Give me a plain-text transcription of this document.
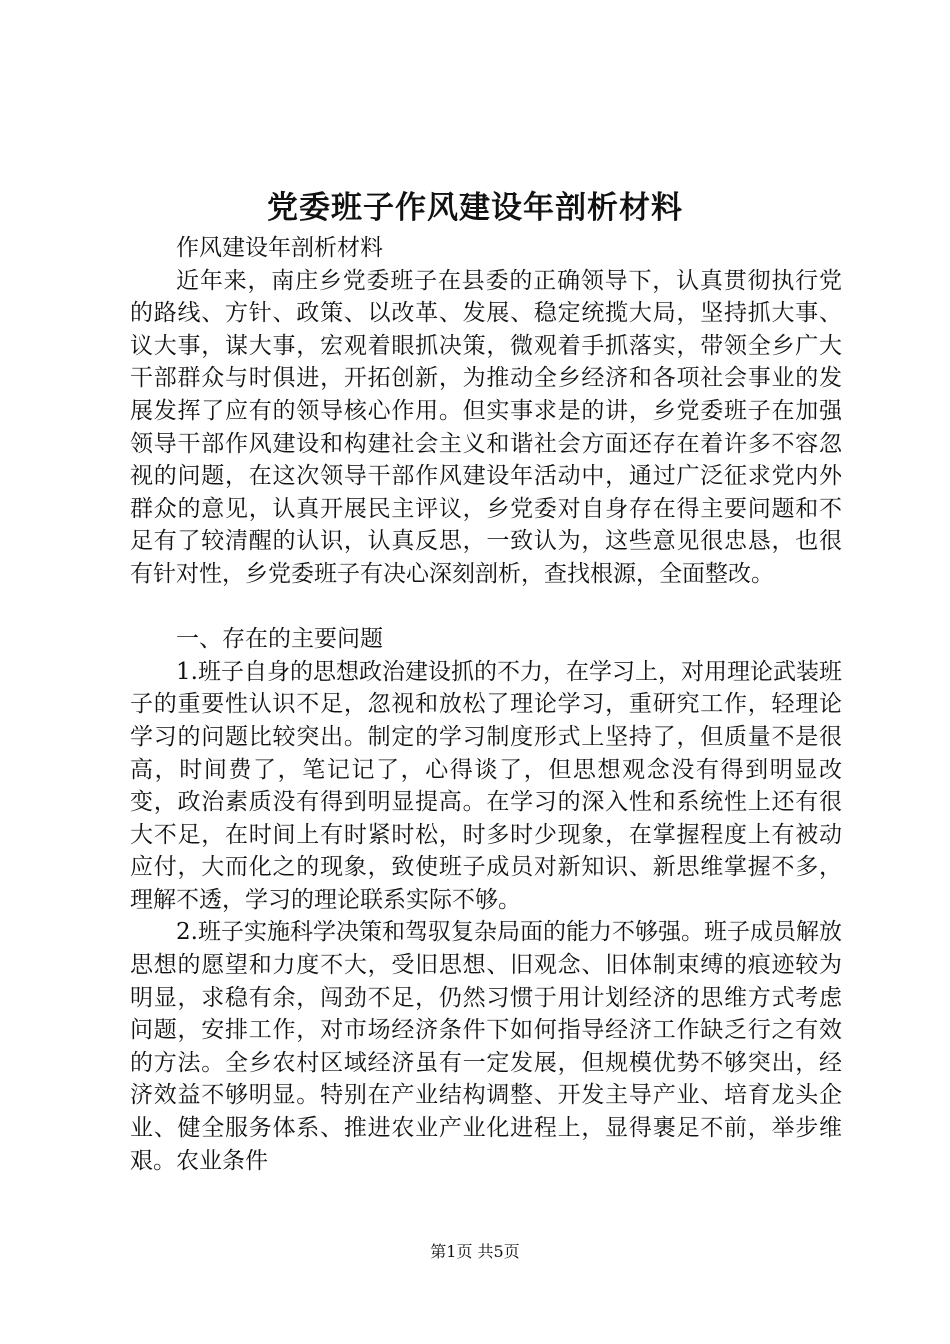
党委班子作风建设年剖析材料

作风建设年剖析材料

近年来，南庄乡党委班子在县委的正确领导下，认真贯彻执行党的路线、方针、政策、以改革、发展、稳定统揽大局，坚持抓大事、议大事，谋大事，宏观着眼抓决策，微观着手抓落实，带领全乡广大干部群众与时俱进，开拓创新，为推动全乡经济和各项社会事业的发展发挥了应有的领导核心作用。但实事求是的讲，乡党委班子在加强领导干部作风建设和构建社会主义和谐社会方面还存在着许多不容忽视的问题，在这次领导干部作风建设年活动中，通过广泛征求党内外群众的意见，认真开展民主评议，乡党委对自身存在得主要问题和不足有了较清醒的认识，认真反思，一致认为，这些意见很忠恳，也很有针对性，乡党委班子有决心深刻剖析，查找根源，全面整改。

一、存在的主要问题

1.班子自身的思想政治建设抓的不力，在学习上，对用理论武装班子的重要性认识不足，忽视和放松了理论学习，重研究工作，轻理论学习的问题比较突出。制定的学习制度形式上坚持了，但质量不是很高，时间费了，笔记记了，心得谈了，但思想观念没有得到明显改变，政治素质没有得到明显提高。在学习的深入性和系统性上还有很大不足，在时间上有时紧时松，时多时少现象，在掌握程度上有被动应付，大而化之的现象，致使班子成员对新知识、新思维掌握不多，理解不透，学习的理论联系实际不够。

2.班子实施科学决策和驾驭复杂局面的能力不够强。班子成员解放思想的愿望和力度不大，受旧思想、旧观念、旧体制束缚的痕迹较为明显，求稳有余，闯劲不足，仍然习惯于用计划经济的思维方式考虑问题，安排工作，对市场经济条件下如何指导经济工作缺乏行之有效的方法。全乡农村区域经济虽有一定发展，但规模优势不够突出，经济效益不够明显。特别在产业结构调整、开发主导产业、培育龙头企业、健全服务体系、推进农业产业化进程上，显得裹足不前，举步维艰。农业条件

第1页 共5页
